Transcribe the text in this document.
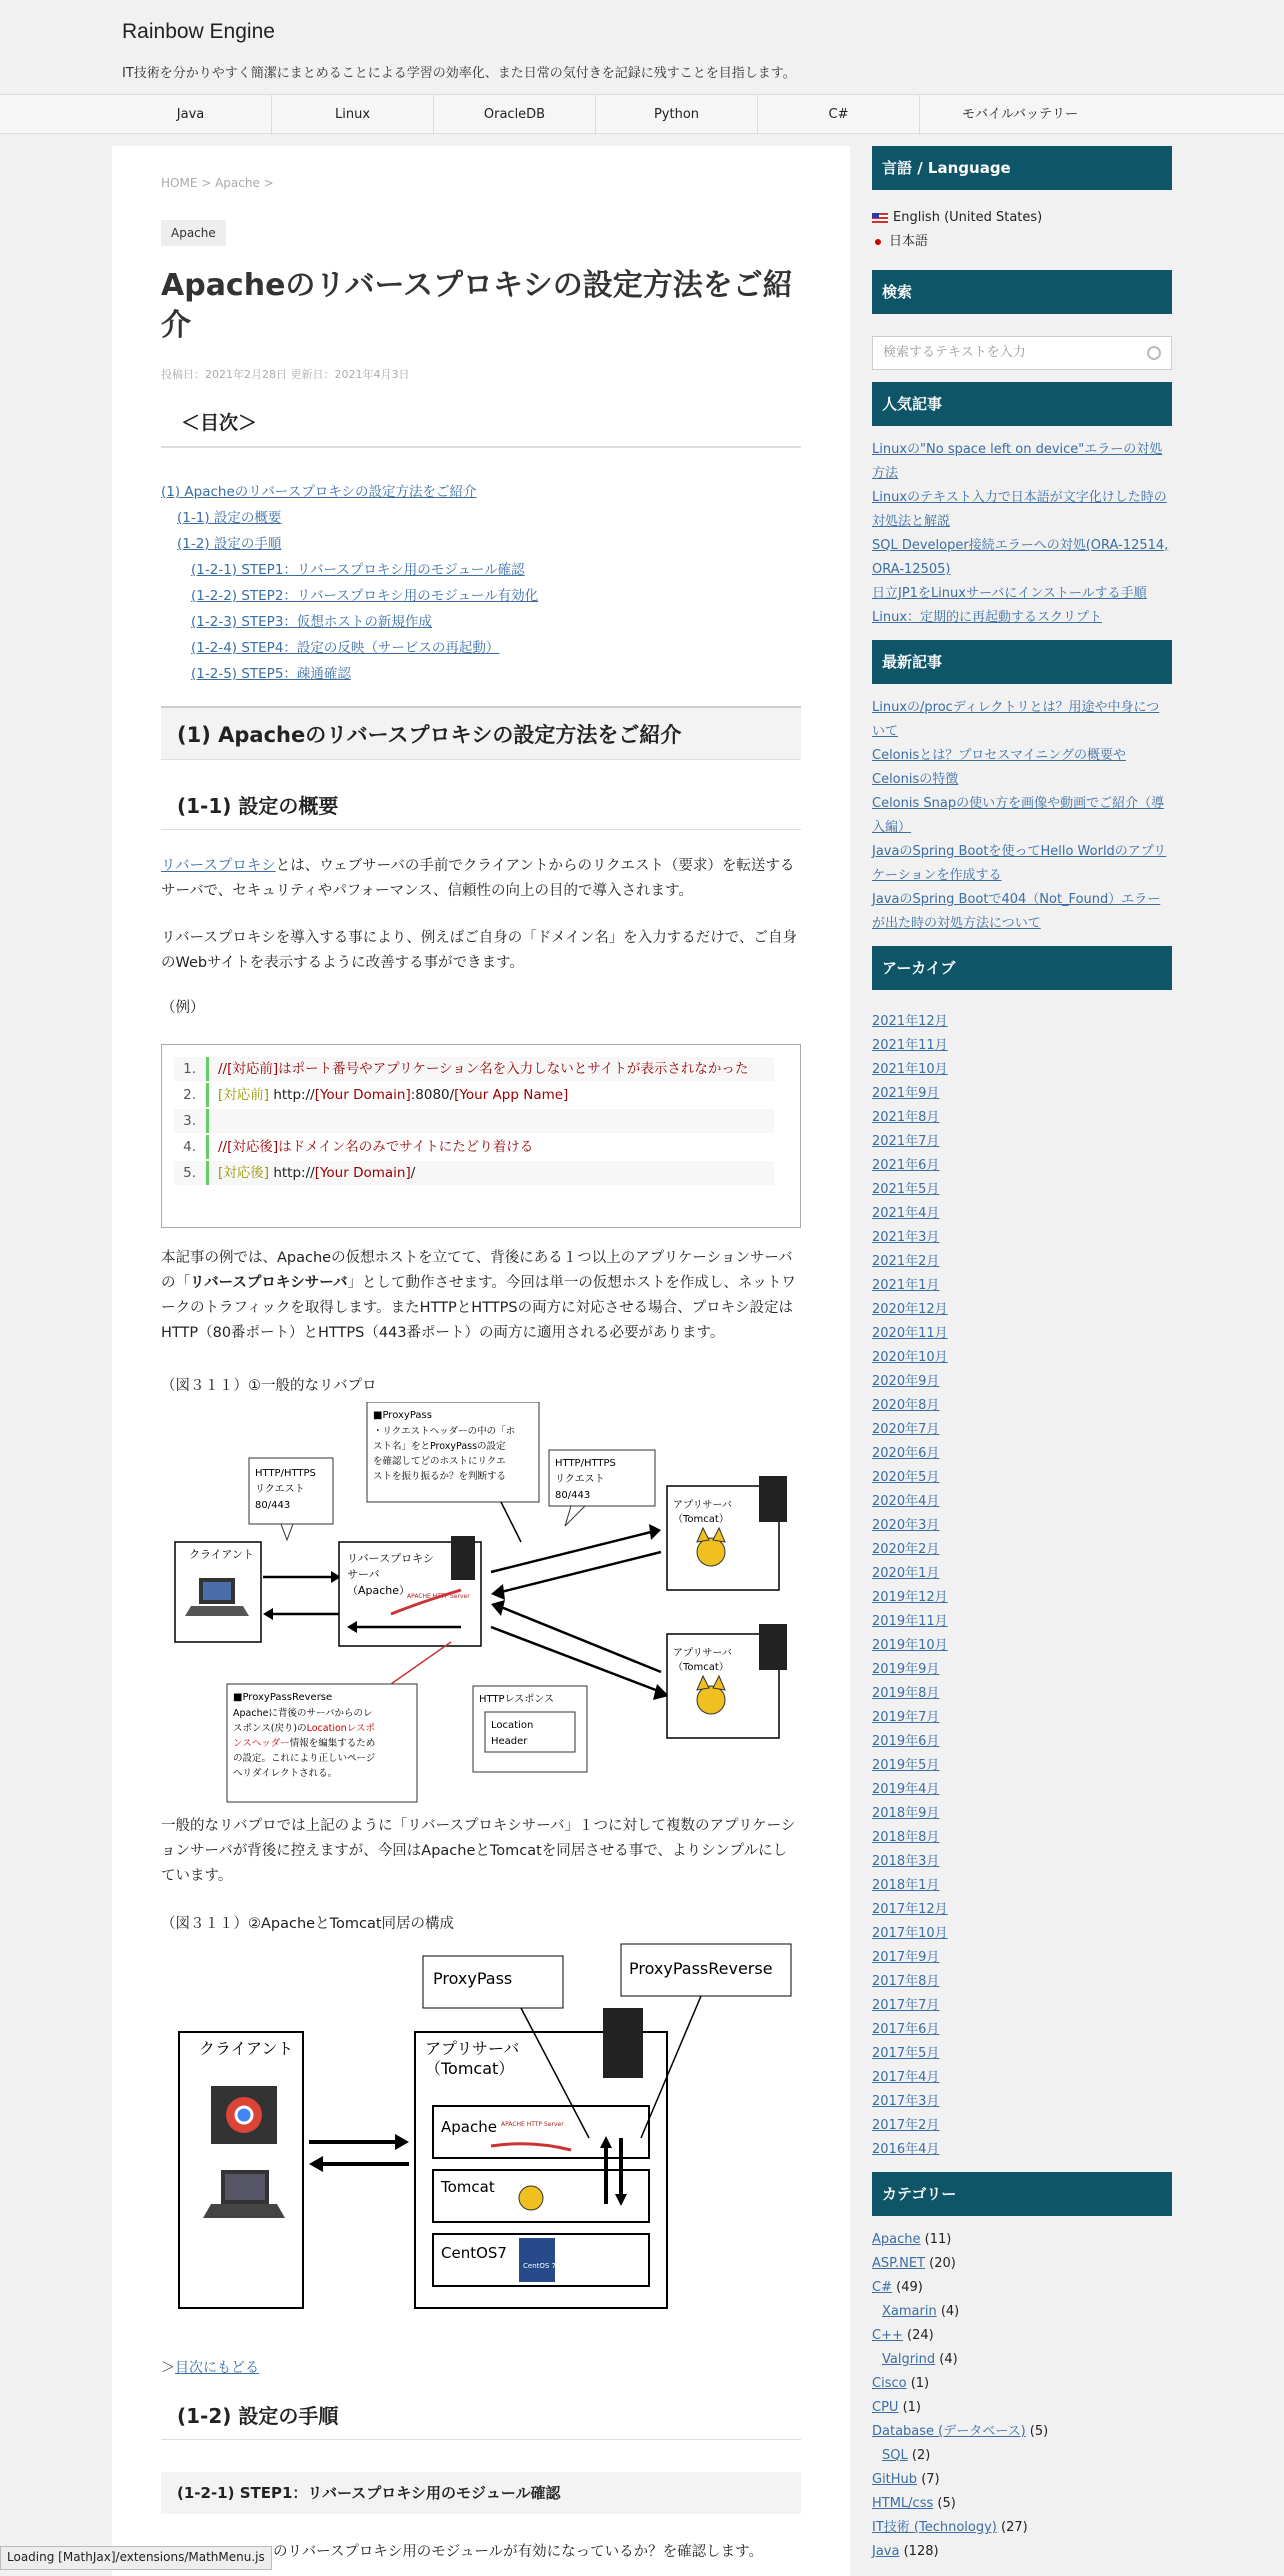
Rainbow Engine
IT技術を分かりやすく簡潔にまとめることによる学習の効率化、また日常の気付きを記録に残すことを目指します。
Java	Linux	OracleDB	Python	C#	モバイルバッテリー
HOME > Apache >
Apache
Apacheのリバースプロキシの設定方法をご紹介
投稿日：2021年2月28日 更新日：2021年4月3日
＜目次＞
(1) Apacheのリバースプロキシの設定方法をご紹介
(1-1) 設定の概要
(1-2) 設定の手順
(1-2-1) STEP1：リバースプロキシ用のモジュール確認
(1-2-2) STEP2：リバースプロキシ用のモジュール有効化
(1-2-3) STEP3：仮想ホストの新規作成
(1-2-4) STEP4：設定の反映（サービスの再起動）
(1-2-5) STEP5：疎通確認
(1) Apacheのリバースプロキシの設定方法をご紹介
(1-1) 設定の概要

リバースプロキシとは、ウェブサーバの手前でクライアントからのリクエスト（要求）を転送するサーバで、セキュリティやパフォーマンス、信頼性の向上の目的で導入されます。

リバースプロキシを導入する事により、例えばご自身の「ドメイン名」を入力するだけで、ご自身のWebサイトを表示するように改善する事ができます。

（例）

1. //[対応前]はポート番号やアプリケーション名を入力しないとサイトが表示されなかった
2. [対応前] http://[Your Domain]:8080/[Your App Name]
3.
4. //[対応後]はドメイン名のみでサイトにたどり着ける
5. [対応後] http://[Your Domain]/

本記事の例では、Apacheの仮想ホストを立てて、背後にある１つ以上のアプリケーションサーバの「リバースプロキシサーバ」として動作させます。今回は単一の仮想ホストを作成し、ネットワークのトラフィックを取得します。またHTTPとHTTPSの両方に対応させる場合、プロキシ設定はHTTP（80番ポート）とHTTPS（443番ポート）の両方に適用される必要があります。

（図３１１）①一般的なリバプロ

クライアント
HTTP/HTTPS
リクエスト
80/443
リバースプロキシ
サーバ
（Apache）
APACHE HTTP Server
■ProxyPass
・リクエストヘッダーの中の「ホ
スト名」をとProxyPassの設定
を確認してどのホストにリクエ
ストを振り振るか？を判断する
HTTP/HTTPS
リクエスト
80/443
アプリサーバ
（Tomcat）
アプリサーバ
（Tomcat）
■ProxyPassReverse
Apacheに背後のサーバからのレ
スポンス(戻り)のLocationレスポ
ンスヘッダー情報を編集するため
の設定。これにより正しいページ
へリダイレクトされる。
HTTPレスポンス
Location
Header

一般的なリバプロでは上記のように「リバースプロキシサーバ」１つに対して複数のアプリケーションサーバが背後に控えますが、今回はApacheとTomcatを同居させる事で、よりシンプルにしています。

（図３１１）②ApacheとTomcat同居の構成

ProxyPass
ProxyPassReverse
クライアント	アプリサーバ
（Tomcat）
Apache APACHE HTTP Server
Tomcat
CentOS7
CentOS 7
＞目次にもどる
(1-2) 設定の手順
(1-2-1) STEP1：リバースプロキシ用のモジュール確認

のリバースプロキシ用のモジュールが有効になっているか？を確認します。

言語 / Language
English (United States)
日本語
検索
検索するテキストを入力
人気記事
Linuxの"No space left on device"エラーの対処方法
Linuxのテキスト入力で日本語が文字化けした時の対処法と解説
SQL Developer接続エラーへの対処(ORA-12514, ORA-12505)
日立JP1をLinuxサーバにインストールする手順
Linux：定期的に再起動するスクリプト
最新記事
Linuxの/procディレクトリとは？用途や中身について
Celonisとは？プロセスマイニングの概要やCelonisの特徴
Celonis Snapの使い方を画像や動画でご紹介（導入編）
JavaのSpring Bootを使ってHello Worldのアプリケーションを作成する
JavaのSpring Bootで404（Not_Found）エラーが出た時の対処方法について
アーカイブ
2021年12月
2021年11月
2021年10月
2021年9月
2021年8月
2021年7月
2021年6月
2021年5月
2021年4月
2021年3月
2021年2月
2021年1月
2020年12月
2020年11月
2020年10月
2020年9月
2020年8月
2020年7月
2020年6月
2020年5月
2020年4月
2020年3月
2020年2月
2020年1月
2019年12月
2019年11月
2019年10月
2019年9月
2019年8月
2019年7月
2019年6月
2019年5月
2019年4月
2018年9月
2018年8月
2018年3月
2018年1月
2017年12月
2017年10月
2017年9月
2017年8月
2017年7月
2017年6月
2017年5月
2017年4月
2017年3月
2017年2月
2016年4月
カテゴリー
Apache (11)
ASP.NET (20)
C# (49)
Xamarin (4)
C++ (24)
Valgrind (4)
Cisco (1)
CPU (1)
Database (データベース) (5)
SQL (2)
GitHub (7)
HTML/css (5)
IT技術 (Technology) (27)
Java (128)
Loading [MathJax]/extensions/MathMenu.js
